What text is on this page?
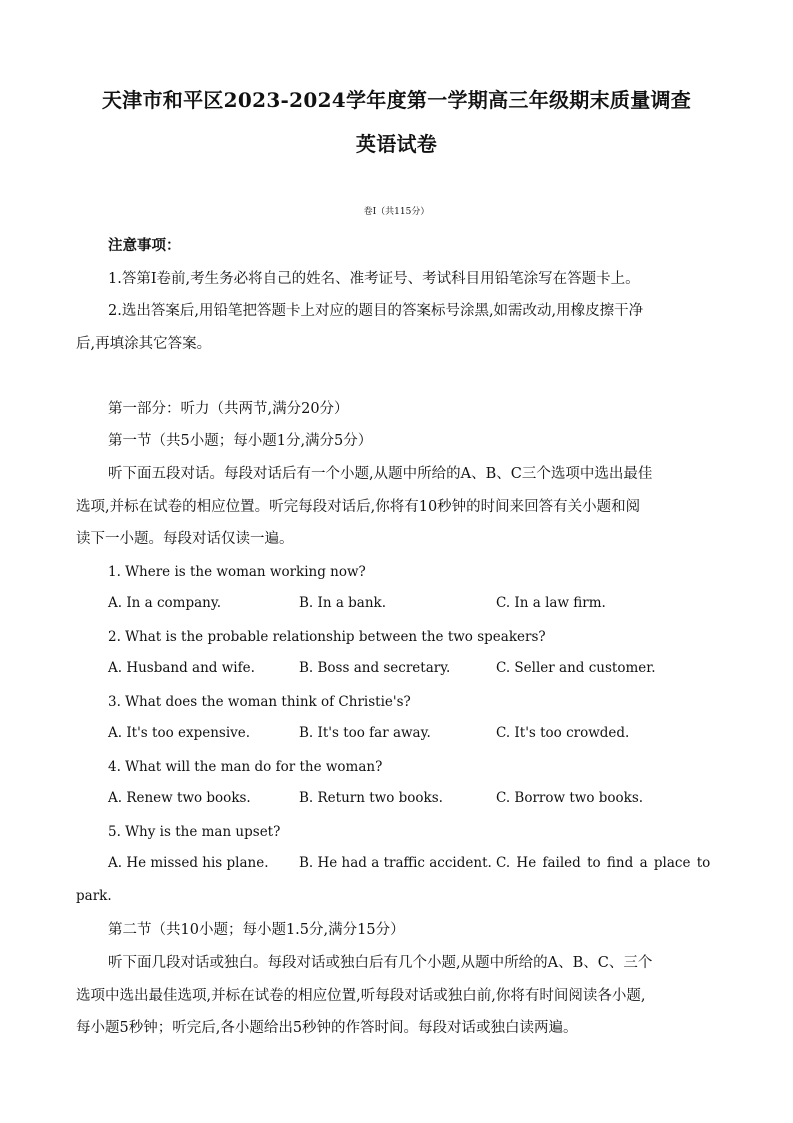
天津市和平区2023-2024学年度第一学期高三年级期末质量调查
英语试卷
卷I（共115分）
注意事项：
1.答第I卷前,考生务必将自己的姓名、准考证号、考试科目用铅笔涂写在答题卡上。
2.选出答案后,用铅笔把答题卡上对应的题目的答案标号涂黑,如需改动,用橡皮擦干净
后,再填涂其它答案。
第一部分：听力（共两节,满分20分）
第一节（共5小题；每小题1分,满分5分）
听下面五段对话。每段对话后有一个小题,从题中所给的A、B、C三个选项中选出最佳
选项,并标在试卷的相应位置。听完每段对话后,你将有10秒钟的时间来回答有关小题和阅
读下一小题。每段对话仅读一遍。
1. Where is the woman working now?
A. In a company.	B. In a bank.	C. In a law firm.
2. What is the probable relationship between the two speakers?
A. Husband and wife.	B. Boss and secretary.	C. Seller and customer.
3. What does the woman think of Christie's?
A. It's too expensive.	B. It's too far away.	C. It's too crowded.
4. What will the man do for the woman?
A. Renew two books.	B. Return two books.	C. Borrow two books.
5. Why is the man upset?
A. He missed his plane. B. He had a traffic accident. C. He failed to find a place to
park.
第二节（共10小题；每小题1.5分,满分15分）
听下面几段对话或独白。每段对话或独白后有几个小题,从题中所给的A、B、C、三个
选项中选出最佳选项,并标在试卷的相应位置,听每段对话或独白前,你将有时间阅读各小题,
每小题5秒钟；听完后,各小题给出5秒钟的作答时间。每段对话或独白读两遍。
